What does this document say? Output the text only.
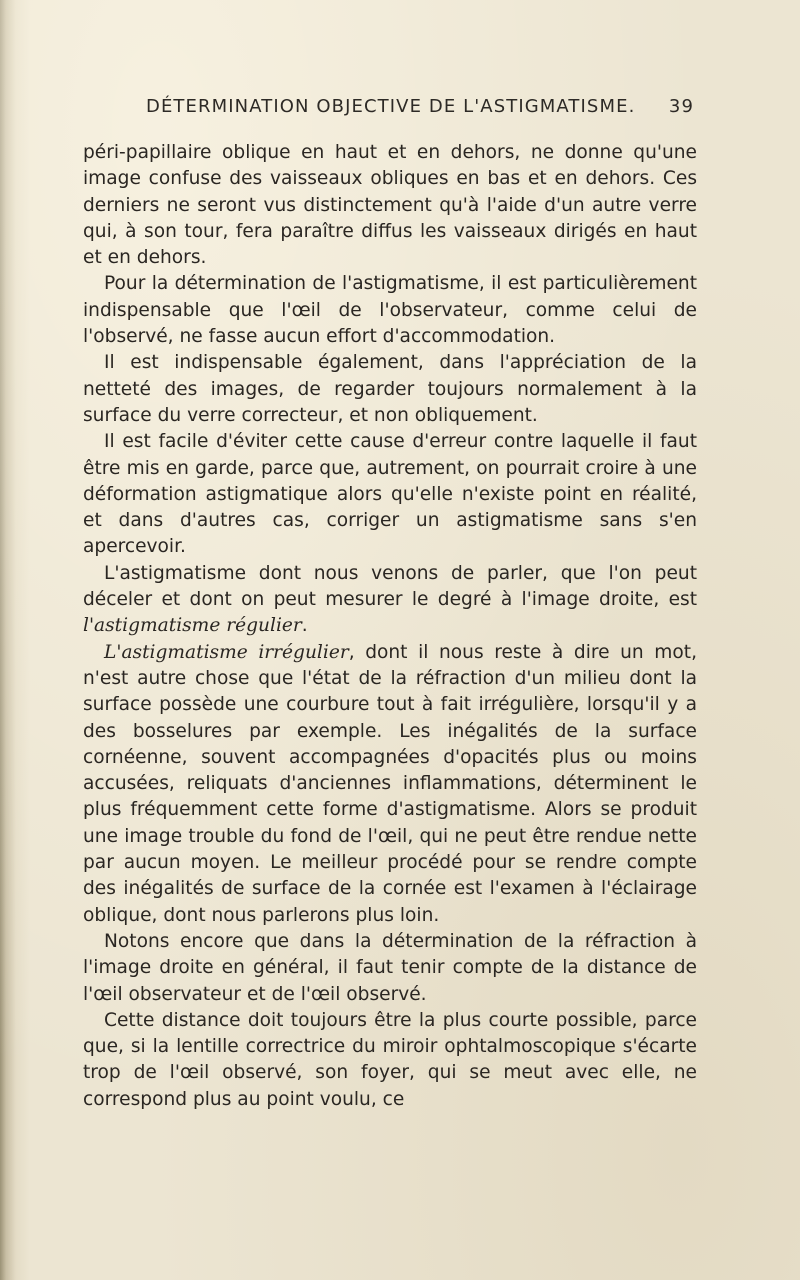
DÉTERMINATION OBJECTIVE DE L'ASTIGMATISME. 39

péri-papillaire oblique en haut et en dehors, ne donne qu'une image confuse des vaisseaux obliques en bas et en dehors. Ces derniers ne seront vus distinctement qu'à l'aide d'un autre verre qui, à son tour, fera paraître diffus les vaisseaux dirigés en haut et en dehors.

Pour la détermination de l'astigmatisme, il est particulièrement indispensable que l'œil de l'observateur, comme celui de l'observé, ne fasse aucun effort d'accommodation.

Il est indispensable également, dans l'appréciation de la netteté des images, de regarder toujours normalement à la surface du verre correcteur, et non obliquement.

Il est facile d'éviter cette cause d'erreur contre laquelle il faut être mis en garde, parce que, autrement, on pourrait croire à une déformation astigmatique alors qu'elle n'existe point en réalité, et dans d'autres cas, corriger un astigmatisme sans s'en apercevoir.

L'astigmatisme dont nous venons de parler, que l'on peut déceler et dont on peut mesurer le degré à l'image droite, est l'astigmatisme régulier.

L'astigmatisme irrégulier, dont il nous reste à dire un mot, n'est autre chose que l'état de la réfraction d'un milieu dont la surface possède une courbure tout à fait irrégulière, lorsqu'il y a des bosselures par exemple. Les inégalités de la surface cornéenne, souvent accompagnées d'opacités plus ou moins accusées, reliquats d'anciennes inflammations, déterminent le plus fréquemment cette forme d'astigmatisme. Alors se produit une image trouble du fond de l'œil, qui ne peut être rendue nette par aucun moyen. Le meilleur procédé pour se rendre compte des inégalités de surface de la cornée est l'examen à l'éclairage oblique, dont nous parlerons plus loin.

Notons encore que dans la détermination de la réfraction à l'image droite en général, il faut tenir compte de la distance de l'œil observateur et de l'œil observé.

Cette distance doit toujours être la plus courte possible, parce que, si la lentille correctrice du miroir ophtalmoscopique s'écarte trop de l'œil observé, son foyer, qui se meut avec elle, ne correspond plus au point voulu, ce
